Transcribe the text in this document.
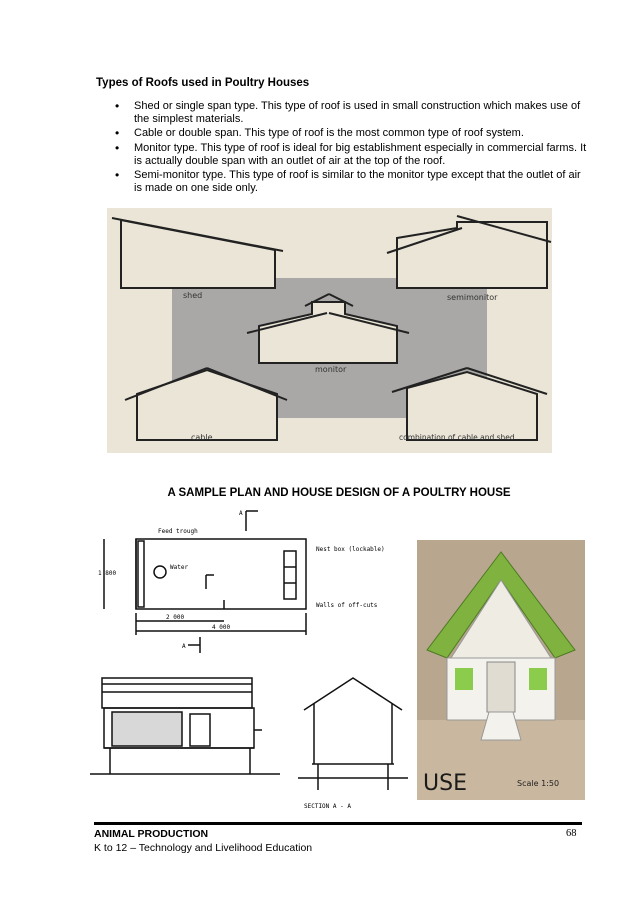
Types of Roofs used in Poultry Houses
• Shed or single span type. This type of roof is used in small construction which makes use of the simplest materials.
• Cable or double span. This type of roof is the most common type of roof system.
• Monitor type. This type of roof is ideal for big establishment especially in commercial farms. It is actually double span with an outlet of air at the top of the roof.
• Semi-monitor type. This type of roof is similar to the monitor type except that the outlet of air is made on one side only.
shed	semimonitor
monitor
cable	combination of cable and shed
A SAMPLE PLAN AND HOUSE DESIGN OF A POULTRY HOUSE
Feed trough
Water
Nest box (lockable)
Walls of off-cuts
2 000
4 000
1 800
A
A
USE	Scale 1:50
SECTION A - A
ANIMAL PRODUCTION
K to 12 – Technology and Livelihood Education
68
